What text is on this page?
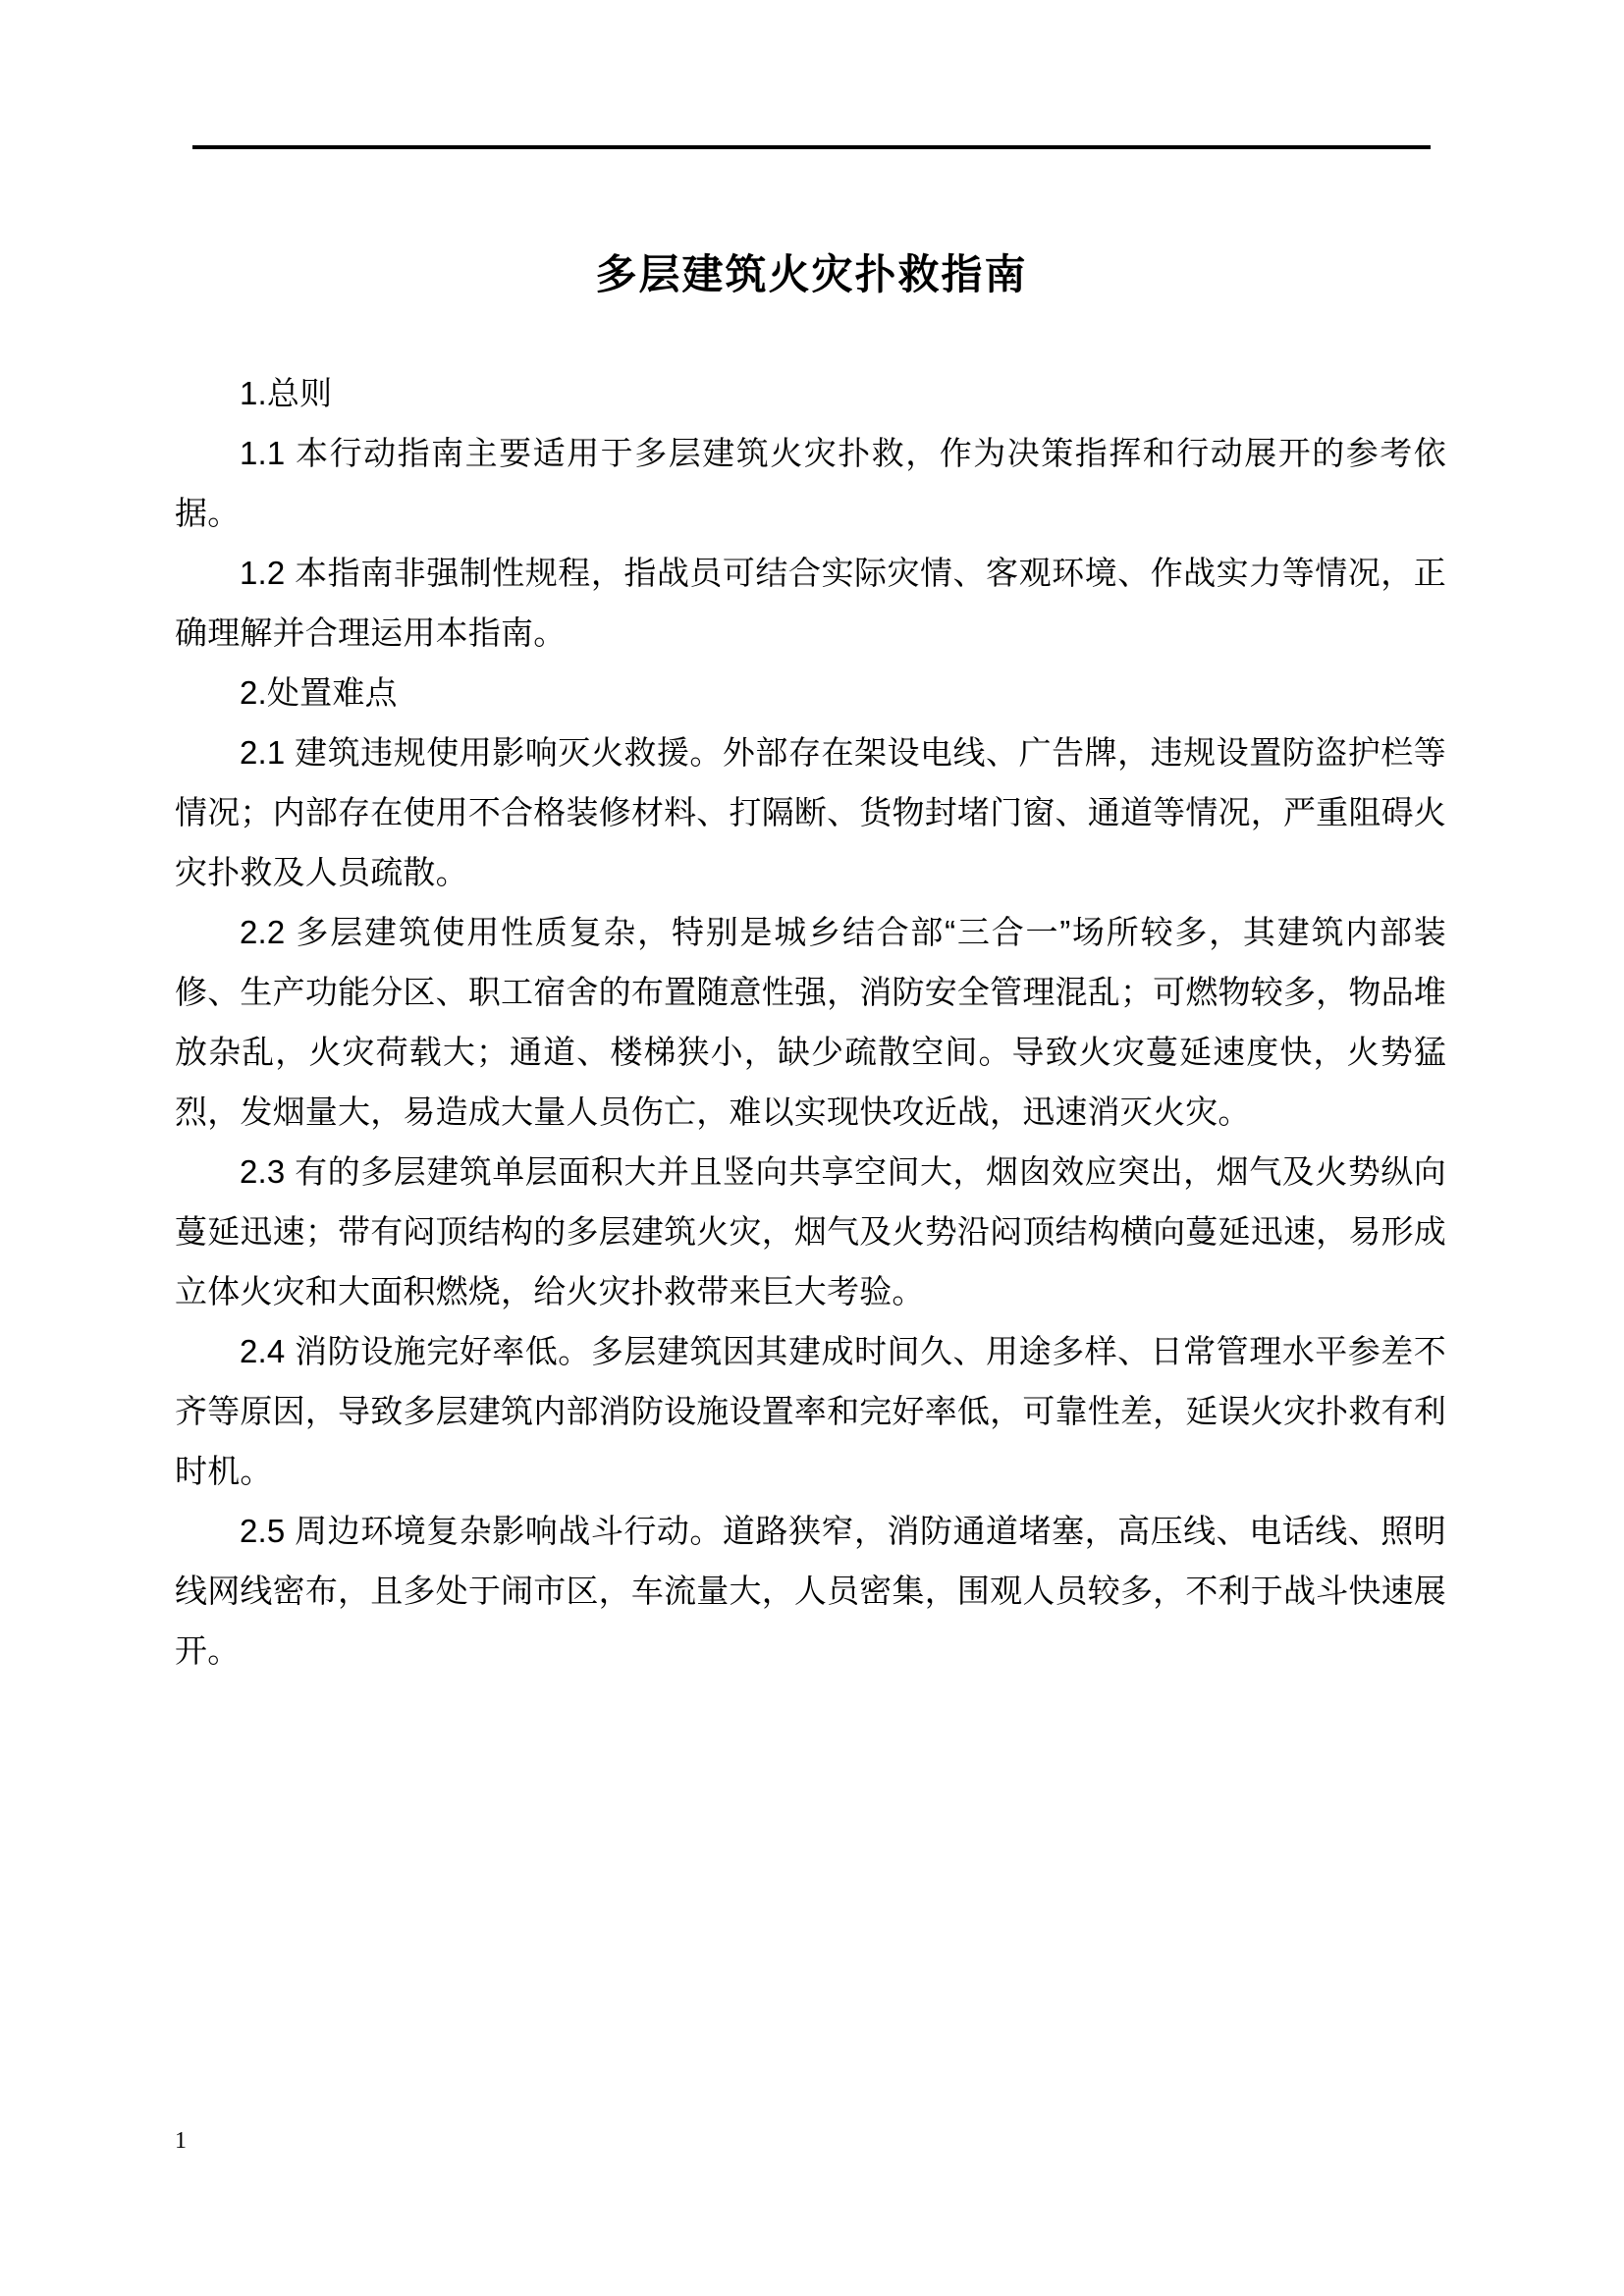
多层建筑火灾扑救指南

1.总则

1.1 本行动指南主要适用于多层建筑火灾扑救，作为决策指挥和行动展开的参考依据。

1.2 本指南非强制性规程，指战员可结合实际灾情、客观环境、作战实力等情况，正确理解并合理运用本指南。

2.处置难点

2.1 建筑违规使用影响灭火救援。外部存在架设电线、广告牌，违规设置防盗护栏等情况；内部存在使用不合格装修材料、打隔断、货物封堵门窗、通道等情况，严重阻碍火灾扑救及人员疏散。

2.2 多层建筑使用性质复杂，特别是城乡结合部“三合一”场所较多，其建筑内部装修、生产功能分区、职工宿舍的布置随意性强，消防安全管理混乱；可燃物较多，物品堆放杂乱，火灾荷载大；通道、楼梯狭小，缺少疏散空间。导致火灾蔓延速度快，火势猛烈，发烟量大，易造成大量人员伤亡，难以实现快攻近战，迅速消灭火灾。

2.3 有的多层建筑单层面积大并且竖向共享空间大，烟囱效应突出，烟气及火势纵向蔓延迅速；带有闷顶结构的多层建筑火灾，烟气及火势沿闷顶结构横向蔓延迅速，易形成立体火灾和大面积燃烧，给火灾扑救带来巨大考验。

2.4 消防设施完好率低。多层建筑因其建成时间久、用途多样、日常管理水平参差不齐等原因，导致多层建筑内部消防设施设置率和完好率低，可靠性差，延误火灾扑救有利时机。

2.5 周边环境复杂影响战斗行动。道路狭窄，消防通道堵塞，高压线、电话线、照明线网线密布，且多处于闹市区，车流量大，人员密集，围观人员较多，不利于战斗快速展开。

1
